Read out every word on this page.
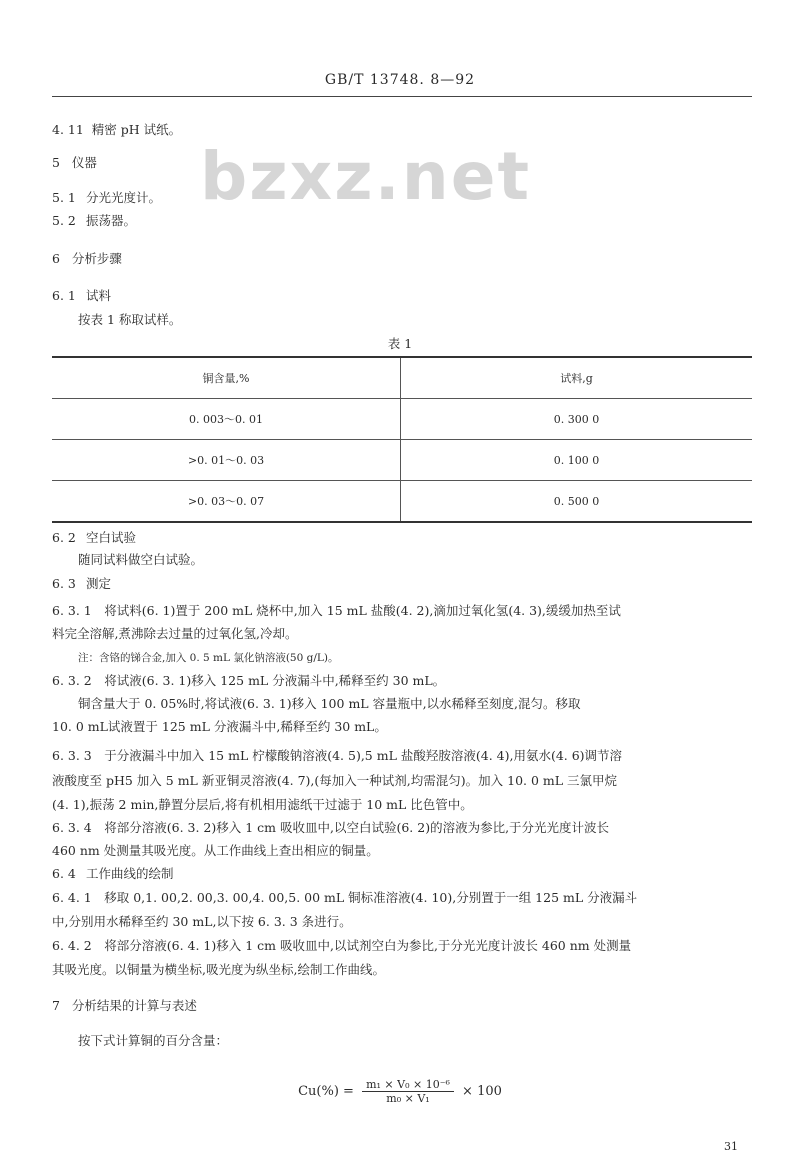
GB/T 13748. 8—92
bzxz.net
4. 11 精密 pH 试纸。
5 仪器
5. 1 分光光度计。
5. 2 振荡器。
6 分析步骤
6. 1 试料
按表 1 称取试样。
表 1
铜含量,%	试料,g
0. 003～0. 01	0. 300 0
>0. 01～0. 03	0. 100 0
>0. 03～0. 07	0. 500 0
6. 2 空白试验
随同试料做空白试验。
6. 3 测定
6. 3. 1　将试料(6. 1)置于 200 mL 烧杯中,加入 15 mL 盐酸(4. 2),滴加过氧化氢(4. 3),缓缓加热至试
料完全溶解,煮沸除去过量的过氧化氢,冷却。
注：含铬的锑合金,加入 0. 5 mL 氯化钠溶液(50 g/L)。
6. 3. 2　将试液(6. 3. 1)移入 125 mL 分液漏斗中,稀释至约 30 mL。
铜含量大于 0. 05%时,将试液(6. 3. 1)移入 100 mL 容量瓶中,以水稀释至刻度,混匀。移取
10. 0 mL试液置于 125 mL 分液漏斗中,稀释至约 30 mL。
6. 3. 3　于分液漏斗中加入 15 mL 柠檬酸钠溶液(4. 5),5 mL 盐酸羟胺溶液(4. 4),用氨水(4. 6)调节溶
液酸度至 pH5 加入 5 mL 新亚铜灵溶液(4. 7),(每加入一种试剂,均需混匀)。加入 10. 0 mL 三氯甲烷
(4. 1),振荡 2 min,静置分层后,将有机相用滤纸干过滤于 10 mL 比色管中。
6. 3. 4　将部分溶液(6. 3. 2)移入 1 cm 吸收皿中,以空白试验(6. 2)的溶液为参比,于分光光度计波长
460 nm 处测量其吸光度。从工作曲线上查出相应的铜量。
6. 4 工作曲线的绘制
6. 4. 1　移取 0,1. 00,2. 00,3. 00,4. 00,5. 00 mL 铜标准溶液(4. 10),分别置于一组 125 mL 分液漏斗
中,分别用水稀释至约 30 mL,以下按 6. 3. 3 条进行。
6. 4. 2　将部分溶液(6. 4. 1)移入 1 cm 吸收皿中,以试剂空白为参比,于分光光度计波长 460 nm 处测量
其吸光度。以铜量为横坐标,吸光度为纵坐标,绘制工作曲线。
7 分析结果的计算与表述
按下式计算铜的百分含量：
$Cu(\%) = \frac{\text{m₁ × V₀ × 10⁻⁶}}{\text{m₀ × V₁}} \times 100$
31
